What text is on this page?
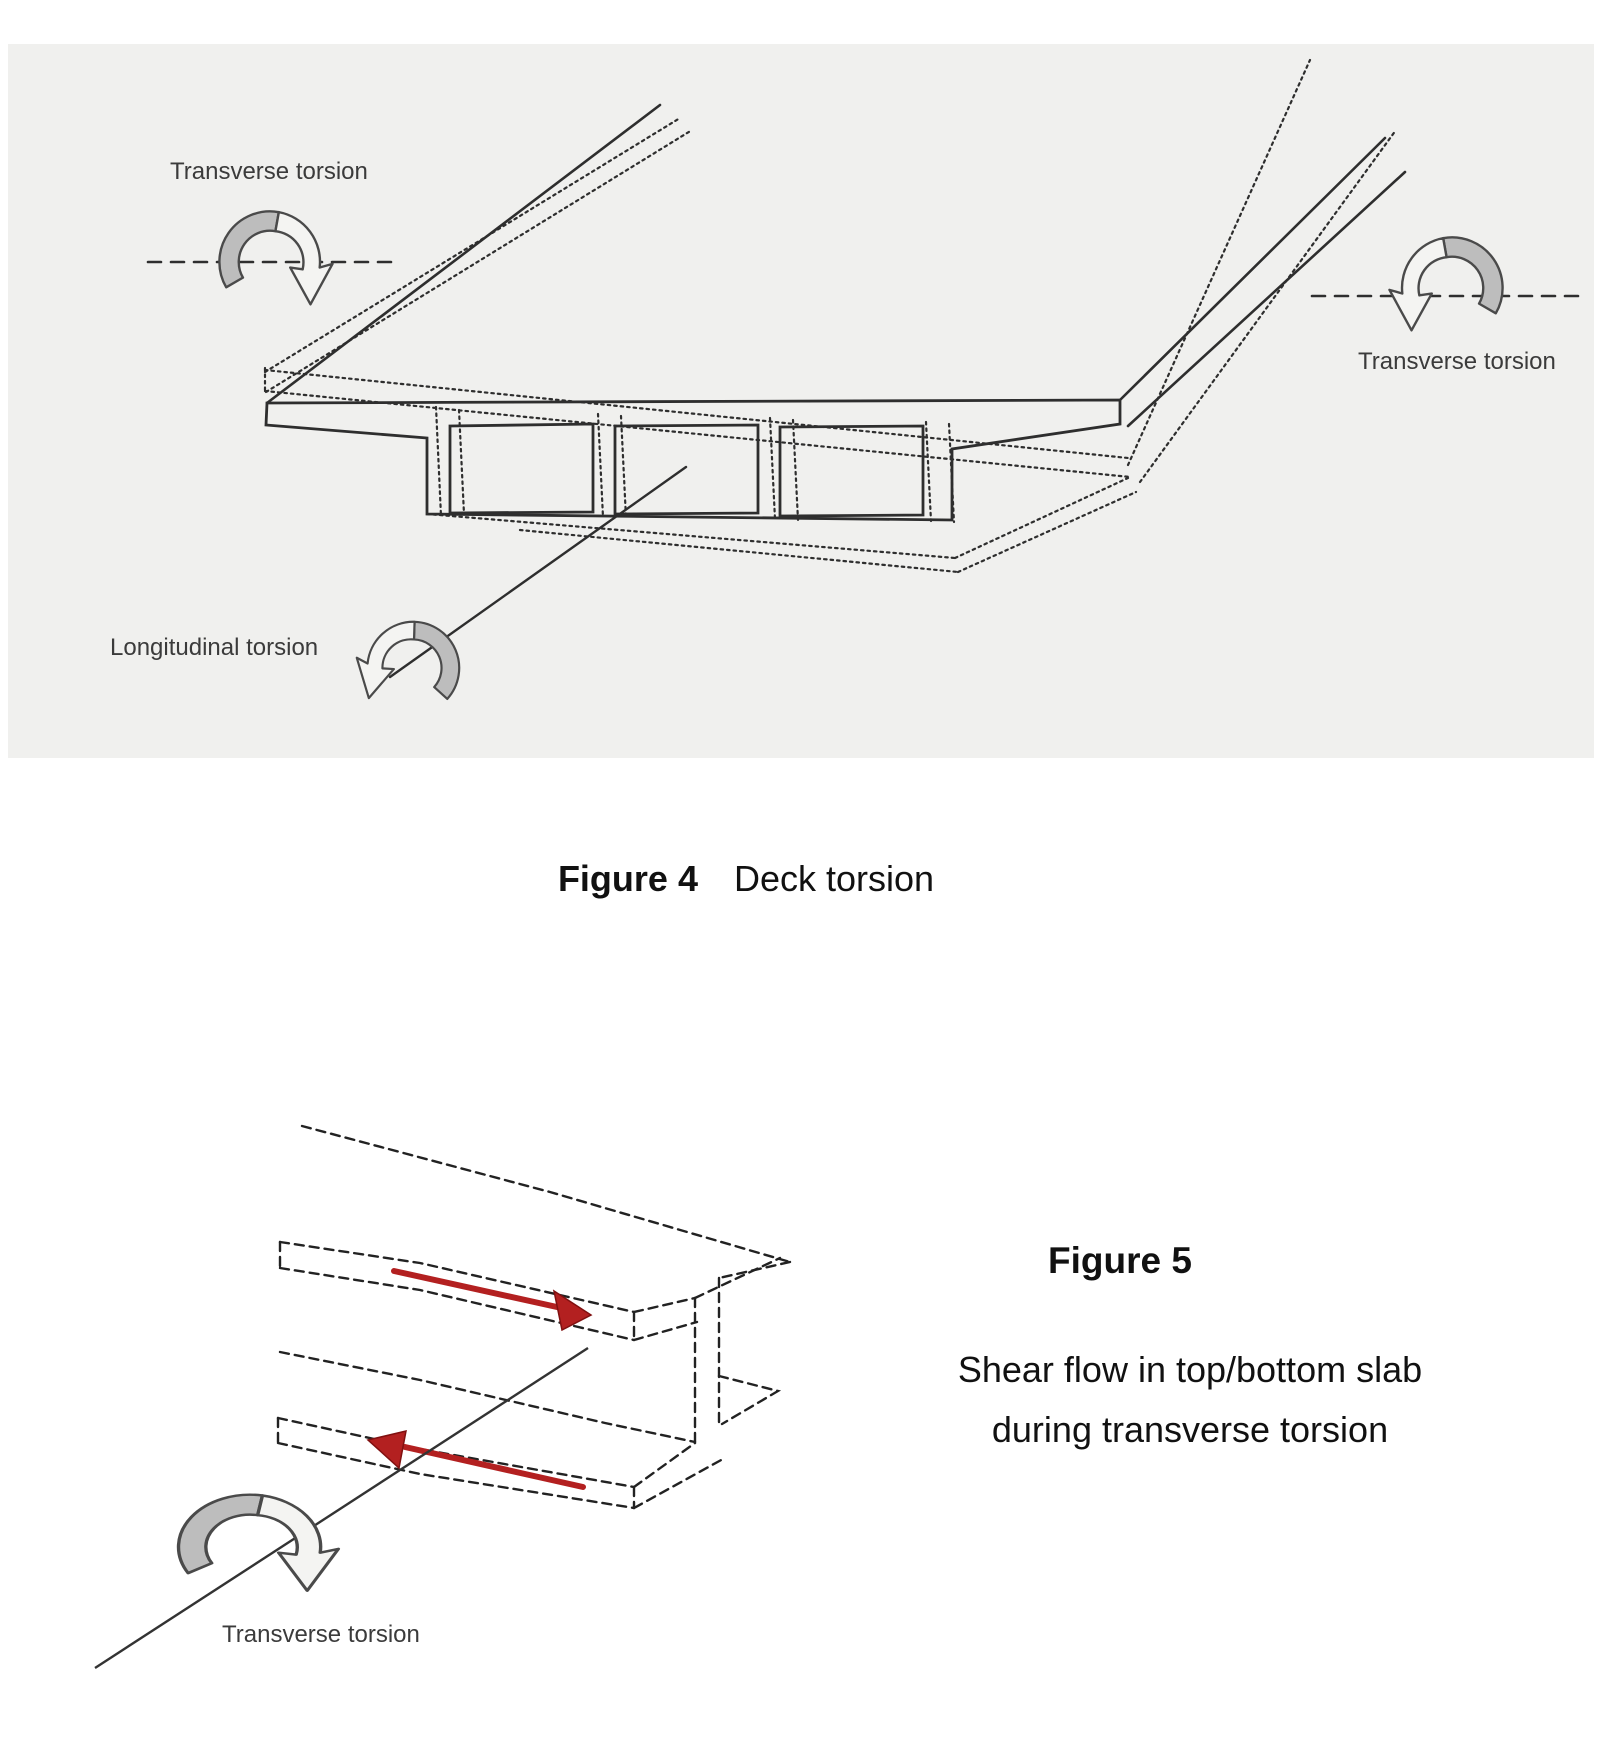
Transverse torsion
Transverse torsion
Longitudinal torsion
Figure 4 Deck torsion
Figure 5
Shear flow in top/bottom slab
during transverse torsion
Transverse torsion
